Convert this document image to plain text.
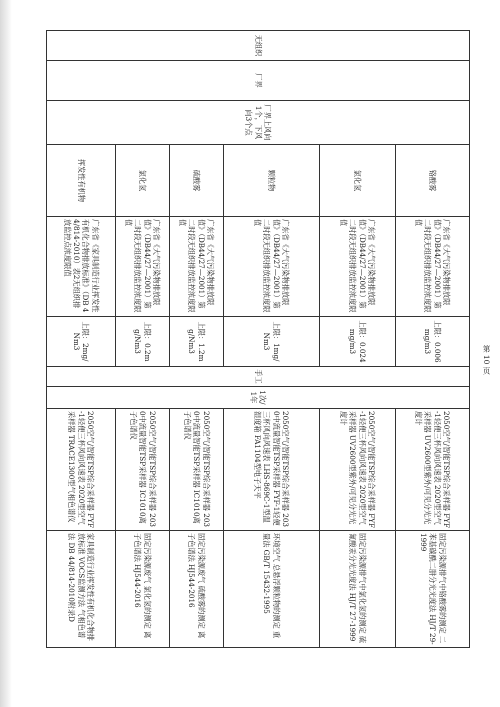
无组织	厂界	厂界上风向1个，下风向3个点	铬酸雾	广东省《大气污染物排放限值》（DB44/27—2001）第二时段无组织排放监控浓度限值	上限：0.006mg/m3	手工	1次/1年	2050空气/智能TSP综合采样器 FYF-1轻便三杯风向风速表 2020型空气采样器 UV2600型紫外/可见分光光度计	固定污染源排气中铬酸雾的测定 二苯基碳酰二肼分光光度法 HJ/T 29-1999
			氯化氢	广东省《大气污染物排放限值》（DB44/27—2001）第二时段无组织排放监控浓度限值	上限：0.024mg/m3			2050空气/智能TSP综合采样器 FYF-1轻便三杯风向风速表 2020型空气采样器 UV2600型紫外/可见分光光度计	固定污染源排气中氯化氢的测定 硫氰酸汞分光光度法 HJ/T 27-1999
			颗粒物	广东省《大气污染物排放限值》（DB44/27—2001）第二时段无组织排放监控浓度限值	上限：1mg/Nm3			2050空气/智能TSP综合采样器 2030中流量智能TSP采样器 FYF-1轻便三杯风向风速表 LHS-869C-1型温湿度箱 FA1104型电子天平	环境空气 总悬浮颗粒物的测定 重量法 GB/T 15432-1995
			硫酸雾	广东省《大气污染物排放限值》（DB44/27—2001）第二时段无组织排放监控浓度限值	上限：1.2mg/Nm3			2050空气/智能TSP综合采样器 2030中流量智能TSP采样器 IC1010离子色谱仪	固定污染源废气 硫酸雾的测定 离子色谱法 HJ544-2016
			氯化氢	广东省《大气污染物排放限值》（DB44/27—2001）第二时段无组织排放监控浓度限值	上限：0.2mg/Nm3			2050空气/智能TSP综合采样器 2030中流量智能TSP采样器 IC1010离子色谱仪	固定污染源废气 氯化氢的测定 离子色谱法 HJ544-2016
			挥发性有机物	广东省《家具制造行业挥发性有机化合物排放标准》（DB 44/814-2010）表2无组织排放监控点浓度限值	上限：2mg/Nm3			2050空气/智能TSP综合采样器 FYF-1轻便三杯风向风速表 2020型空气采样器 TRACE1300型气相色谱仪	家具制造行业挥发性有机化合物排放标准 VOCS监测方法 气相色谱法 DB 44/814-2010附录D
第 10 页
